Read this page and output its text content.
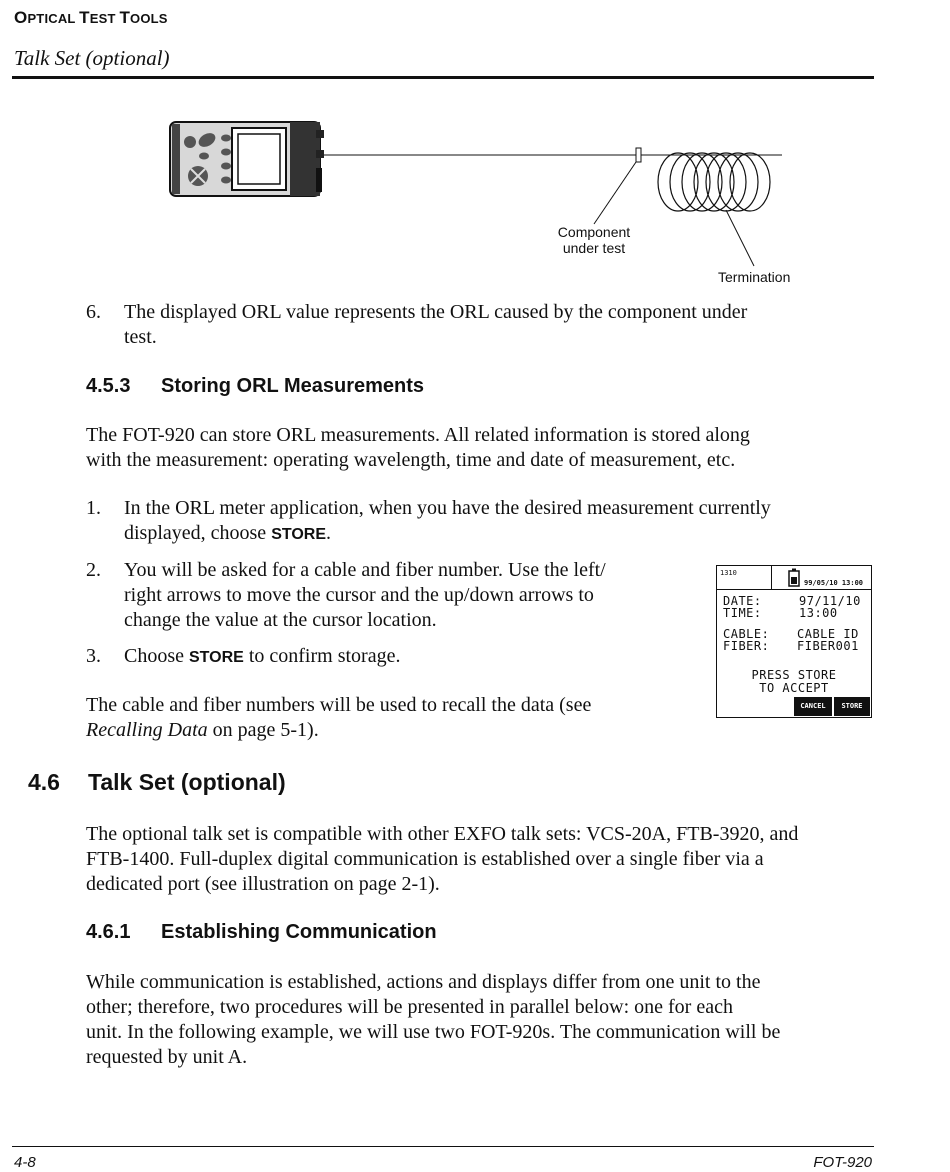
OPTICAL TEST TOOLS
Talk Set (optional)
Component
under test
Termination
6. The displayed ORL value represents the ORL caused by the component under
test.
4.5.3 Storing ORL Measurements
The FOT-920 can store ORL measurements. All related information is stored along
with the measurement: operating wavelength, time and date of measurement, etc.
1. In the ORL meter application, when you have the desired measurement currently
displayed, choose STORE.
2. You will be asked for a cable and fiber number. Use the left/
right arrows to move the cursor and the up/down arrows to
change the value at the cursor location.
3. Choose STORE to confirm storage.
The cable and fiber numbers will be used to recall the data (see
Recalling Data on page 5-1).
1310
99/05/10 13:00
DATE:	97/11/10
TIME:	13:00
CABLE: CABLE ID
FIBER: FIBER001
PRESS STORE
TO ACCEPT
CANCEL	STORE
4.6 Talk Set (optional)
The optional talk set is compatible with other EXFO talk sets: VCS-20A, FTB-3920, and
FTB-1400. Full-duplex digital communication is established over a single fiber via a
dedicated port (see illustration on page 2-1).
4.6.1 Establishing Communication
While communication is established, actions and displays differ from one unit to the
other; therefore, two procedures will be presented in parallel below: one for each
unit. In the following example, we will use two FOT-920s. The communication will be
requested by unit A.
4-8	FOT-920
